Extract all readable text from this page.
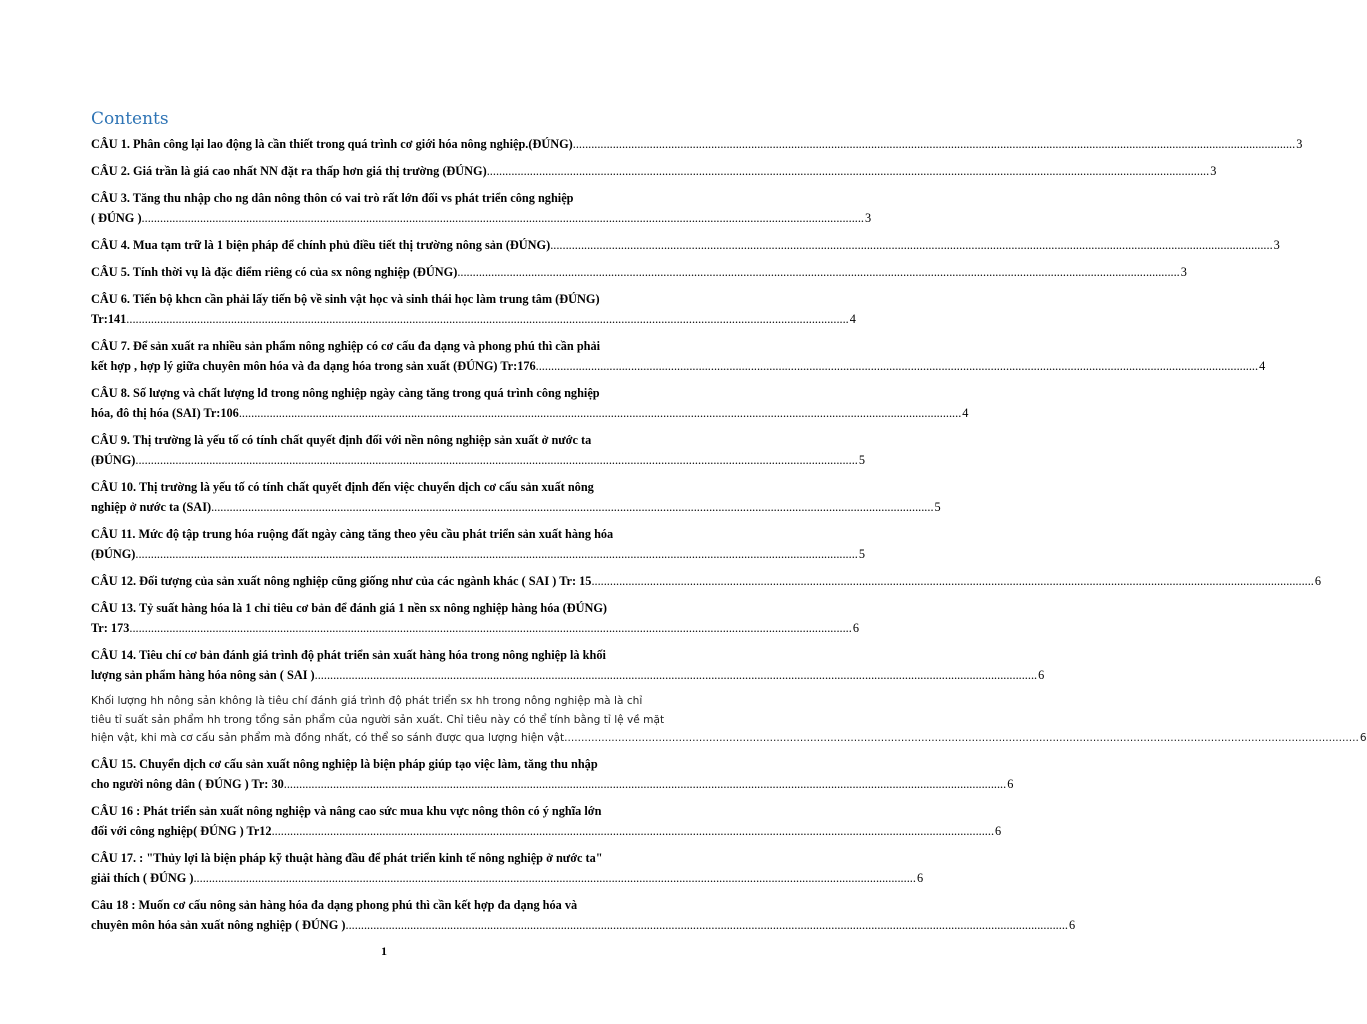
Contents
CÂU 1. Phân công lại lao động là cần thiết trong quá trình cơ giới hóa nông nghiệp.(ĐÚNG) .....	3
CÂU 2. Giá trần là giá cao nhất NN đặt ra thấp hơn giá thị trường (ĐÚNG) .....	3
CÂU 3. Tăng thu nhập cho ng dân nông thôn có vai trò rất lớn đối vs phát triển công nghiệp
( ĐÚNG ) .....	3
CÂU 4. Mua tạm trữ là 1 biện pháp để chính phủ điều tiết thị trường nông sản (ĐÚNG) .....	3
CÂU 5. Tính thời vụ là đặc điểm riêng có của sx nông nghiệp (ĐÚNG) .....	3
CÂU 6. Tiến bộ khcn cần phải lấy tiến bộ về sinh vật học và sinh thái học làm trung tâm (ĐÚNG)
Tr:141 .....	4
CÂU 7. Để sản xuất ra nhiều sản phẩm nông nghiệp có cơ cấu đa dạng và phong phú thì cần phải
kết hợp , hợp lý giữa chuyên môn hóa và đa dạng hóa trong sản xuất (ĐÚNG) Tr:176 .....	4
CÂU 8. Số lượng và chất lượng lđ trong nông nghiệp ngày càng tăng trong quá trình công nghiệp
hóa, đô thị hóa (SAI) Tr:106 .....	4
CÂU 9. Thị trường là yếu tố có tính chất quyết định đối với nền nông nghiệp sản xuất ở nước ta
(ĐÚNG) .....	5
CÂU 10. Thị trường là yếu tố có tính chất quyết định đến việc chuyển dịch cơ cấu sản xuất nông
nghiệp ở nước ta (SAI) .....	5
CÂU 11. Mức độ tập trung hóa ruộng đất ngày càng tăng theo yêu cầu phát triển sản xuất hàng hóa
(ĐÚNG) .....	5
CÂU 12. Đối tượng của sản xuất nông nghiệp cũng giống như của các ngành khác ( SAI ) Tr: 15 .....	6
CÂU 13. Tỷ suất hàng hóa là 1 chỉ tiêu cơ bản để đánh giá 1 nền sx nông nghiệp hàng hóa (ĐÚNG)
Tr: 173 .....	6
CÂU 14. Tiêu chí cơ bản đánh giá trình độ phát triển sản xuất hàng hóa trong nông nghiệp là khối
lượng sản phẩm hàng hóa nông sản ( SAI ) .....	6
Khối lượng hh nông sản không là tiêu chí đánh giá trình độ phát triển sx hh trong nông nghiệp mà là chỉ
tiêu tỉ suất sản phẩm hh trong tổng sản phẩm của người sản xuất. Chỉ tiêu này có thể tính bằng tỉ lệ về mặt
hiện vật, khi mà cơ cấu sản phẩm mà đồng nhất, có thể so sánh được qua lượng hiện vật. .....	6
CÂU 15. Chuyển dịch cơ cấu sản xuất nông nghiệp là biện pháp giúp tạo việc làm, tăng thu nhập
cho người nông dân ( ĐÚNG ) Tr: 30 .....	6
CÂU 16 : Phát triển sản xuất nông nghiệp và nâng cao sức mua khu vực nông thôn có ý nghĩa lớn
đối với công nghiệp( ĐÚNG ) Tr12 .....	6
CÂU 17. : "Thủy lợi là biện pháp kỹ thuật hàng đầu để phát triển kinh tế nông nghiệp ở nước ta"
giải thích ( ĐÚNG ) .....	6
Câu 18 : Muốn cơ cấu nông sản hàng hóa đa dạng phong phú thì cần kết hợp đa dạng hóa và
chuyên môn hóa sản xuất nông nghiệp ( ĐÚNG ) .....	6
1
